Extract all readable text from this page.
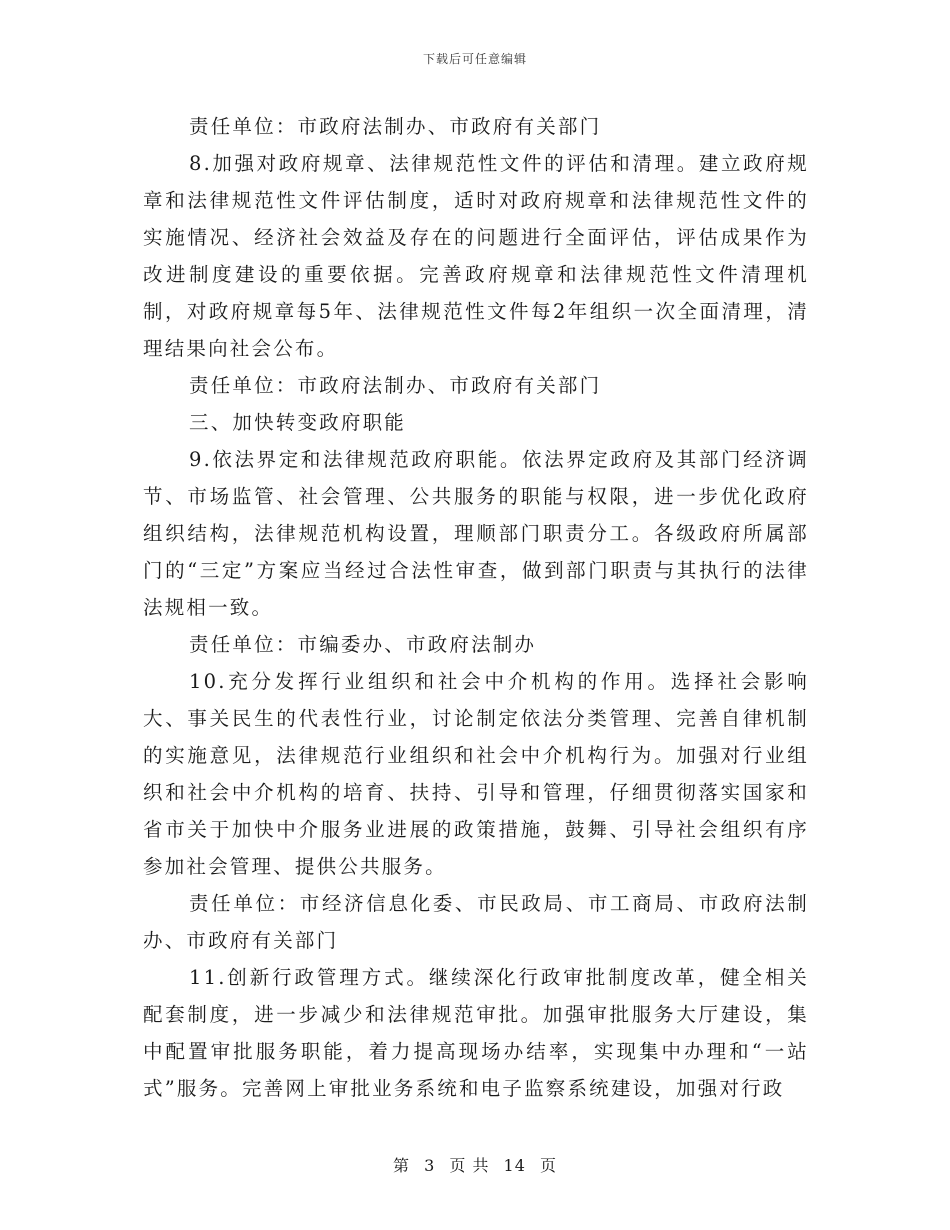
下载后可任意编辑

责任单位：市政府法制办、市政府有关部门

8.加强对政府规章、法律规范性文件的评估和清理。建立政府规章和法律规范性文件评估制度，适时对政府规章和法律规范性文件的实施情况、经济社会效益及存在的问题进行全面评估，评估成果作为改进制度建设的重要依据。完善政府规章和法律规范性文件清理机制，对政府规章每5年、法律规范性文件每2年组织一次全面清理，清理结果向社会公布。

责任单位：市政府法制办、市政府有关部门

三、加快转变政府职能

9.依法界定和法律规范政府职能。依法界定政府及其部门经济调节、市场监管、社会管理、公共服务的职能与权限，进一步优化政府组织结构，法律规范机构设置，理顺部门职责分工。各级政府所属部门的“三定”方案应当经过合法性审查，做到部门职责与其执行的法律法规相一致。

责任单位：市编委办、市政府法制办

10.充分发挥行业组织和社会中介机构的作用。选择社会影响大、事关民生的代表性行业，讨论制定依法分类管理、完善自律机制的实施意见，法律规范行业组织和社会中介机构行为。加强对行业组织和社会中介机构的培育、扶持、引导和管理，仔细贯彻落实国家和省市关于加快中介服务业进展的政策措施，鼓舞、引导社会组织有序参加社会管理、提供公共服务。

责任单位：市经济信息化委、市民政局、市工商局、市政府法制办、市政府有关部门

11.创新行政管理方式。继续深化行政审批制度改革，健全相关配套制度，进一步减少和法律规范审批。加强审批服务大厅建设，集中配置审批服务职能，着力提高现场办结率，实现集中办理和“一站式”服务。完善网上审批业务系统和电子监察系统建设，加强对行政

第 3 页 共 14 页
